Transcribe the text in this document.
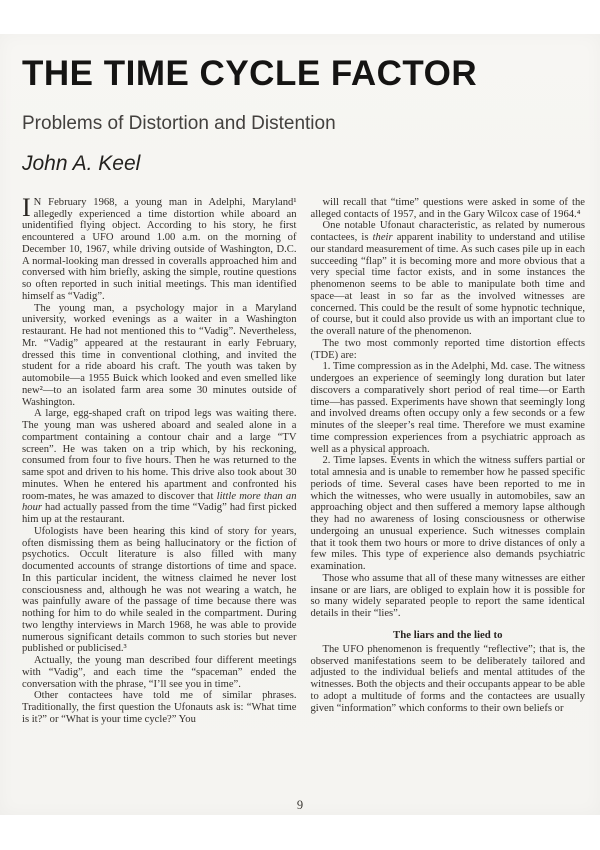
THE TIME CYCLE FACTOR
Problems of Distortion and Distention
John A. Keel

I N February 1968, a young man in Adelphi, Maryland¹ allegedly experienced a time distortion while aboard an unidentified flying object. According to his story, he first encountered a UFO around 1.00 a.m. on the morning of December 10, 1967, while driving outside of Washington, D.C. A normal-looking man dressed in coveralls approached him and conversed with him briefly, asking the simple, routine questions so often reported in such initial meetings. This man identified himself as “Vadig”.

The young man, a psychology major in a Maryland university, worked evenings as a waiter in a Washington restaurant. He had not mentioned this to “Vadig”. Nevertheless, Mr. “Vadig” appeared at the restaurant in early February, dressed this time in conventional clothing, and invited the student for a ride aboard his craft. The youth was taken by automobile—a 1955 Buick which looked and even smelled like new²—to an isolated farm area some 30 minutes outside of Washington.

A large, egg-shaped craft on tripod legs was waiting there. The young man was ushered aboard and sealed alone in a compartment containing a contour chair and a large “TV screen”. He was taken on a trip which, by his reckoning, consumed from four to five hours. Then he was returned to the same spot and driven to his home. This drive also took about 30 minutes. When he entered his apartment and confronted his room-mates, he was amazed to discover that little more than an hour had actually passed from the time “Vadig” had first picked him up at the restaurant.

Ufologists have been hearing this kind of story for years, often dismissing them as being hallucinatory or the fiction of psychotics. Occult literature is also filled with many documented accounts of strange distortions of time and space. In this particular incident, the witness claimed he never lost consciousness and, although he was not wearing a watch, he was painfully aware of the passage of time because there was nothing for him to do while sealed in the compartment. During two lengthy interviews in March 1968, he was able to provide numerous significant details common to such stories but never published or publicised.³

Actually, the young man described four different meetings with “Vadig”, and each time the “spaceman” ended the conversation with the phrase, “I’ll see you in time”.

Other contactees have told me of similar phrases. Traditionally, the first question the Ufonauts ask is: “What time is it?” or “What is your time cycle?” You

will recall that “time” questions were asked in some of the alleged contacts of 1957, and in the Gary Wilcox case of 1964.⁴

One notable Ufonaut characteristic, as related by numerous contactees, is their apparent inability to understand and utilise our standard measurement of time. As such cases pile up in each succeeding “flap” it is becoming more and more obvious that a very special time factor exists, and in some instances the phenomenon seems to be able to manipulate both time and space—at least in so far as the involved witnesses are concerned. This could be the result of some hypnotic technique, of course, but it could also provide us with an important clue to the overall nature of the phenomenon.

The two most commonly reported time distortion effects (TDE) are:

1. Time compression as in the Adelphi, Md. case. The witness undergoes an experience of seemingly long duration but later discovers a comparatively short period of real time—or Earth time—has passed. Experiments have shown that seemingly long and involved dreams often occupy only a few seconds or a few minutes of the sleeper’s real time. Therefore we must examine time compression experiences from a psychiatric approach as well as a physical approach.

2. Time lapses. Events in which the witness suffers partial or total amnesia and is unable to remember how he passed specific periods of time. Several cases have been reported to me in which the witnesses, who were usually in automobiles, saw an approaching object and then suffered a memory lapse although they had no awareness of losing consciousness or otherwise undergoing an unusual experience. Such witnesses complain that it took them two hours or more to drive distances of only a few miles. This type of experience also demands psychiatric examination.

Those who assume that all of these many witnesses are either insane or are liars, are obliged to explain how it is possible for so many widely separated people to report the same identical details in their “lies”.

The liars and the lied to

The UFO phenomenon is frequently “reflective”; that is, the observed manifestations seem to be deliberately tailored and adjusted to the individual beliefs and mental attitudes of the witnesses. Both the objects and their occupants appear to be able to adopt a multitude of forms and the contactees are usually given “information” which conforms to their own beliefs or

9
